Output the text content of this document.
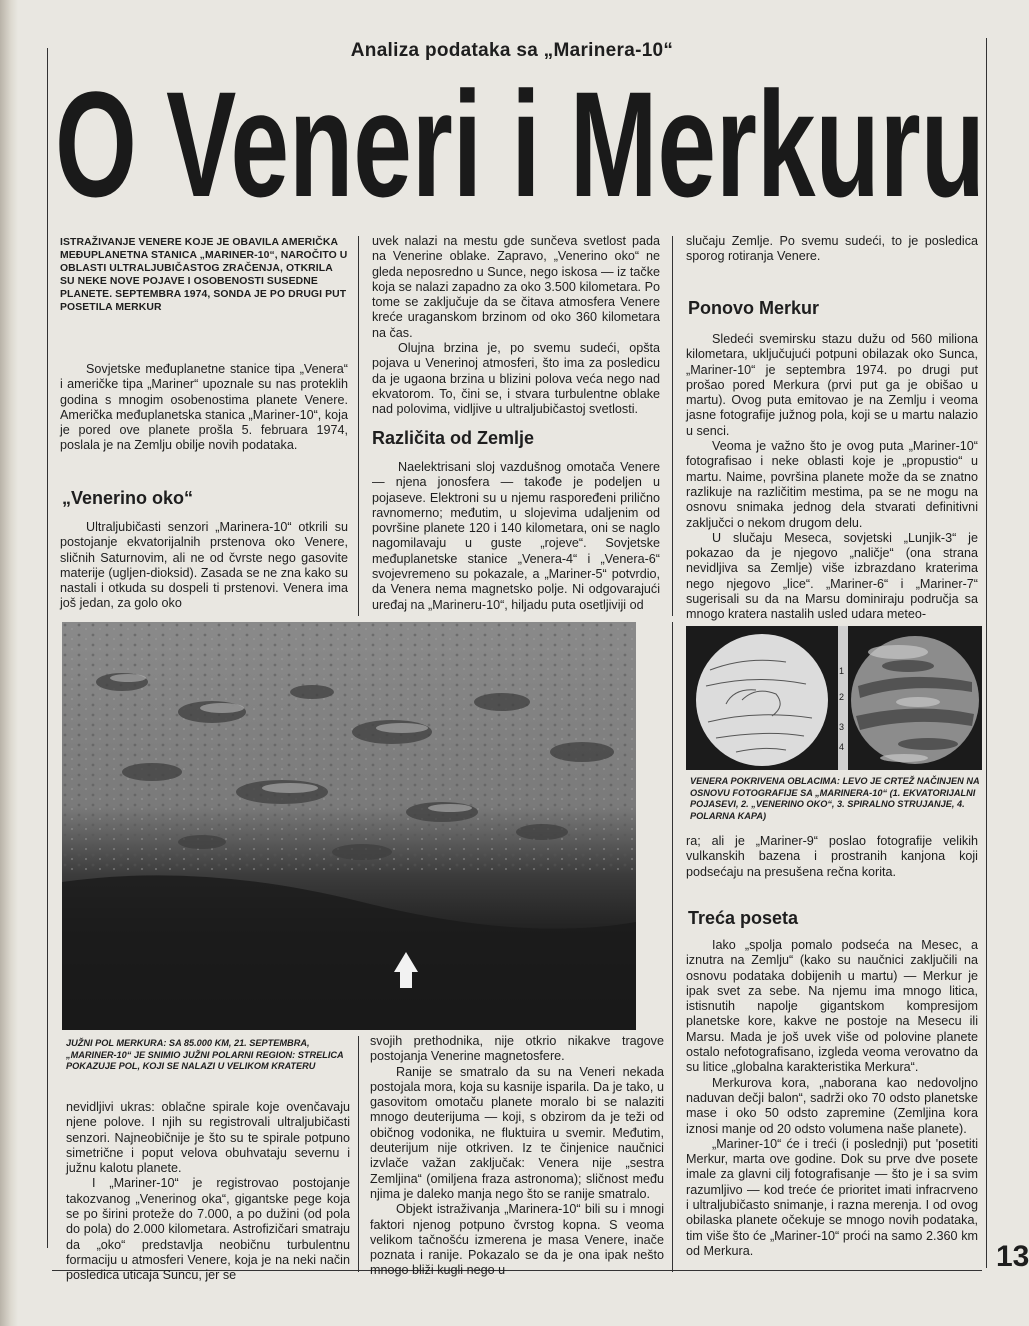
Analiza podataka sa „Marinera-10“
O Veneri i Merkuru
ISTRAŽIVANJE VENERE KOJE JE OBAVILA AMERIČKA MEĐUPLANETNA STANICA „MARINER-10“, NAROČITO U OBLASTI ULTRALJUBIČASTOG ZRAČENJA, OTKRILA SU NEKE NOVE POJAVE I OSOBENOSTI SUSEDNE PLANETE. SEPTEMBRA 1974, SONDA JE PO DRUGI PUT POSETILA MERKUR

Sovjetske međuplanetne stanice tipa „Venera“ i američke tipa „Mariner“ upoznale su nas proteklih godina s mnogim osobenostima planete Venere. Američka međuplanetska stanica „Mariner-10“, koja je pored ove planete prošla 5. februara 1974, poslala je na Zemlju obilje novih podataka.

„Venerino oko“

Ultraljubičasti senzori „Marinera-10“ otkrili su postojanje ekvatorijalnih prstenova oko Venere, sličnih Saturnovim, ali ne od čvrste nego gasovite materije (ugljen-dioksid). Zasada se ne zna kako su nastali i otkuda su dospeli ti prstenovi. Venera ima još jedan, za golo oko

uvek nalazi na mestu gde sunčeva svetlost pada na Venerine oblake. Zapravo, „Venerino oko“ ne gleda neposredno u Sunce, nego iskosa — iz tačke koja se nalazi zapadno za oko 3.500 kilometara. Po tome se zaključuje da se čitava atmosfera Venere kreće uraganskom brzinom od oko 360 kilometara na čas.

Olujna brzina je, po svemu sudeći, opšta pojava u Venerinoj atmosferi, što ima za posledicu da je ugaona brzina u blizini polova veća nego nad ekvatorom. To, čini se, i stvara turbulentne oblake nad polovima, vidljive u ultraljubičastoj svetlosti.

Različita od Zemlje

Naelektrisani sloj vazdušnog omotača Venere — njena jonosfera — takođe je podeljen u pojaseve. Elektroni su u njemu raspoređeni prilično ravnomerno; međutim, u slojevima udaljenim od površine planete 120 i 140 kilometara, oni se naglo nagomilavaju u guste „rojeve“. Sovjetske međuplanetske stanice „Venera-4“ i „Venera-6“ svojevremeno su pokazale, a „Mariner-5“ potvrdio, da Venera nema magnetsko polje. Ni odgovarajući uređaj na „Marineru-10“, hiljadu puta osetljiviji od

slučaju Zemlje. Po svemu sudeći, to je posledica sporog rotiranja Venere.

Ponovo Merkur

Sledeći svemirsku stazu dužu od 560 miliona kilometara, uključujući potpuni obilazak oko Sunca, „Mariner-10“ je septembra 1974. po drugi put prošao pored Merkura (prvi put ga je obišao u martu). Ovog puta emitovao je na Zemlju i veoma jasne fotografije južnog pola, koji se u martu nalazio u senci.

Veoma je važno što je ovog puta „Mariner-10“ fotografisao i neke oblasti koje je „propustio“ u martu. Naime, površina planete može da se znatno razlikuje na različitim mestima, pa se ne mogu na osnovu snimaka jednog dela stvarati definitivni zaključci o nekom drugom delu.

U slučaju Meseca, sovjetski „Lunjik-3“ je pokazao da je njegovo „naličje“ (ona strana nevidljiva sa Zemlje) više izbrazdano kraterima nego njegovo „lice“. „Mariner-6“ i „Mariner-7“ sugerisali su da na Marsu dominiraju područja sa mnogo kratera nastalih usled udara meteo-

JUŽNI POL MERKURA: SA 85.000 KM, 21. SEPTEMBRA, „MARINER-10“ JE SNIMIO JUŽNI POLARNI REGION: STRELICA POKAZUJE POL, KOJI SE NALAZI U VELIKOM KRATERU
1
2
3
4
VENERA POKRIVENA OBLACIMA: LEVO JE CRTEŽ NAČINJEN NA OSNOVU FOTOGRAFIJE SA „MARINERA-10“ (1. EKVATORIJALNI POJASEVI, 2. „VENERINO OKO“, 3. SPIRALNO STRUJANJE, 4. POLARNA KAPA)

ra; ali je „Mariner-9“ poslao fotografije velikih vulkanskih bazena i prostranih kanjona koji podsećaju na presušena rečna korita.

Treća poseta

Iako „spolja pomalo podseća na Mesec, a iznutra na Zemlju“ (kako su naučnici zaključili na osnovu podataka dobijenih u martu) — Merkur je ipak svet za sebe. Na njemu ima mnogo litica, istisnutih napolje gigantskom kompresijom planetske kore, kakve ne postoje na Mesecu ili Marsu. Mada je još uvek više od polovine planete ostalo nefotografisano, izgleda veoma verovatno da su litice „globalna karakteristika Merkura“.

Merkurova kora, „naborana kao nedovoljno naduvan dečji balon“, sadrži oko 70 odsto planetske mase i oko 50 odsto zapremine (Zemljina kora iznosi manje od 20 odsto volumena naše planete).

„Mariner-10“ će i treći (i poslednji) put 'posetiti Merkur, marta ove godine. Dok su prve dve posete imale za glavni cilj fotografisanje — što je i sa svim razumljivo — kod treće će prioritet imati infracrveno i ultraljubičasto snimanje, i razna merenja. I od ovog obilaska planete očekuje se mnogo novih podataka, tim više što će „Mariner-10“ proći na samo 2.360 km od Merkura.

nevidljivi ukras: oblačne spirale koje ovenčavaju njene polove. I njih su registrovali ultraljubičasti senzori. Najneobičnije je što su te spirale potpuno simetrične i poput velova obuhvataju severnu i južnu kalotu planete.

I „Mariner-10“ je registrovao postojanje takozvanog „Venerinog oka“, gigantske pege koja se po širini proteže do 7.000, a po dužini (od pola do pola) do 2.000 kilometara. Astrofizičari smatraju da „oko“ predstavlja neobičnu turbulentnu formaciju u atmosferi Venere, koja je na neki način posledica uticaja Suncu, jer se

svojih prethodnika, nije otkrio nikakve tragove postojanja Venerine magnetosfere.

Ranije se smatralo da su na Veneri nekada postojala mora, koja su kasnije isparila. Da je tako, u gasovitom omotaču planete moralo bi se nalaziti mnogo deuterijuma — koji, s obzirom da je teži od običnog vodonika, ne fluktuira u svemir. Međutim, deuterijum nije otkriven. Iz te činjenice naučnici izvlače važan zaključak: Venera nije „sestra Zemljina“ (omiljena fraza astronoma); sličnost među njima je daleko manja nego što se ranije smatralo.

Objekt istraživanja „Marinera-10“ bili su i mnogi faktori njenog potpuno čvrstog kopna. S veoma velikom tačnošću izmerena je masa Venere, inače poznata i ranije. Pokazalo se da je ona ipak nešto mnogo bliži kugli nego u	13
